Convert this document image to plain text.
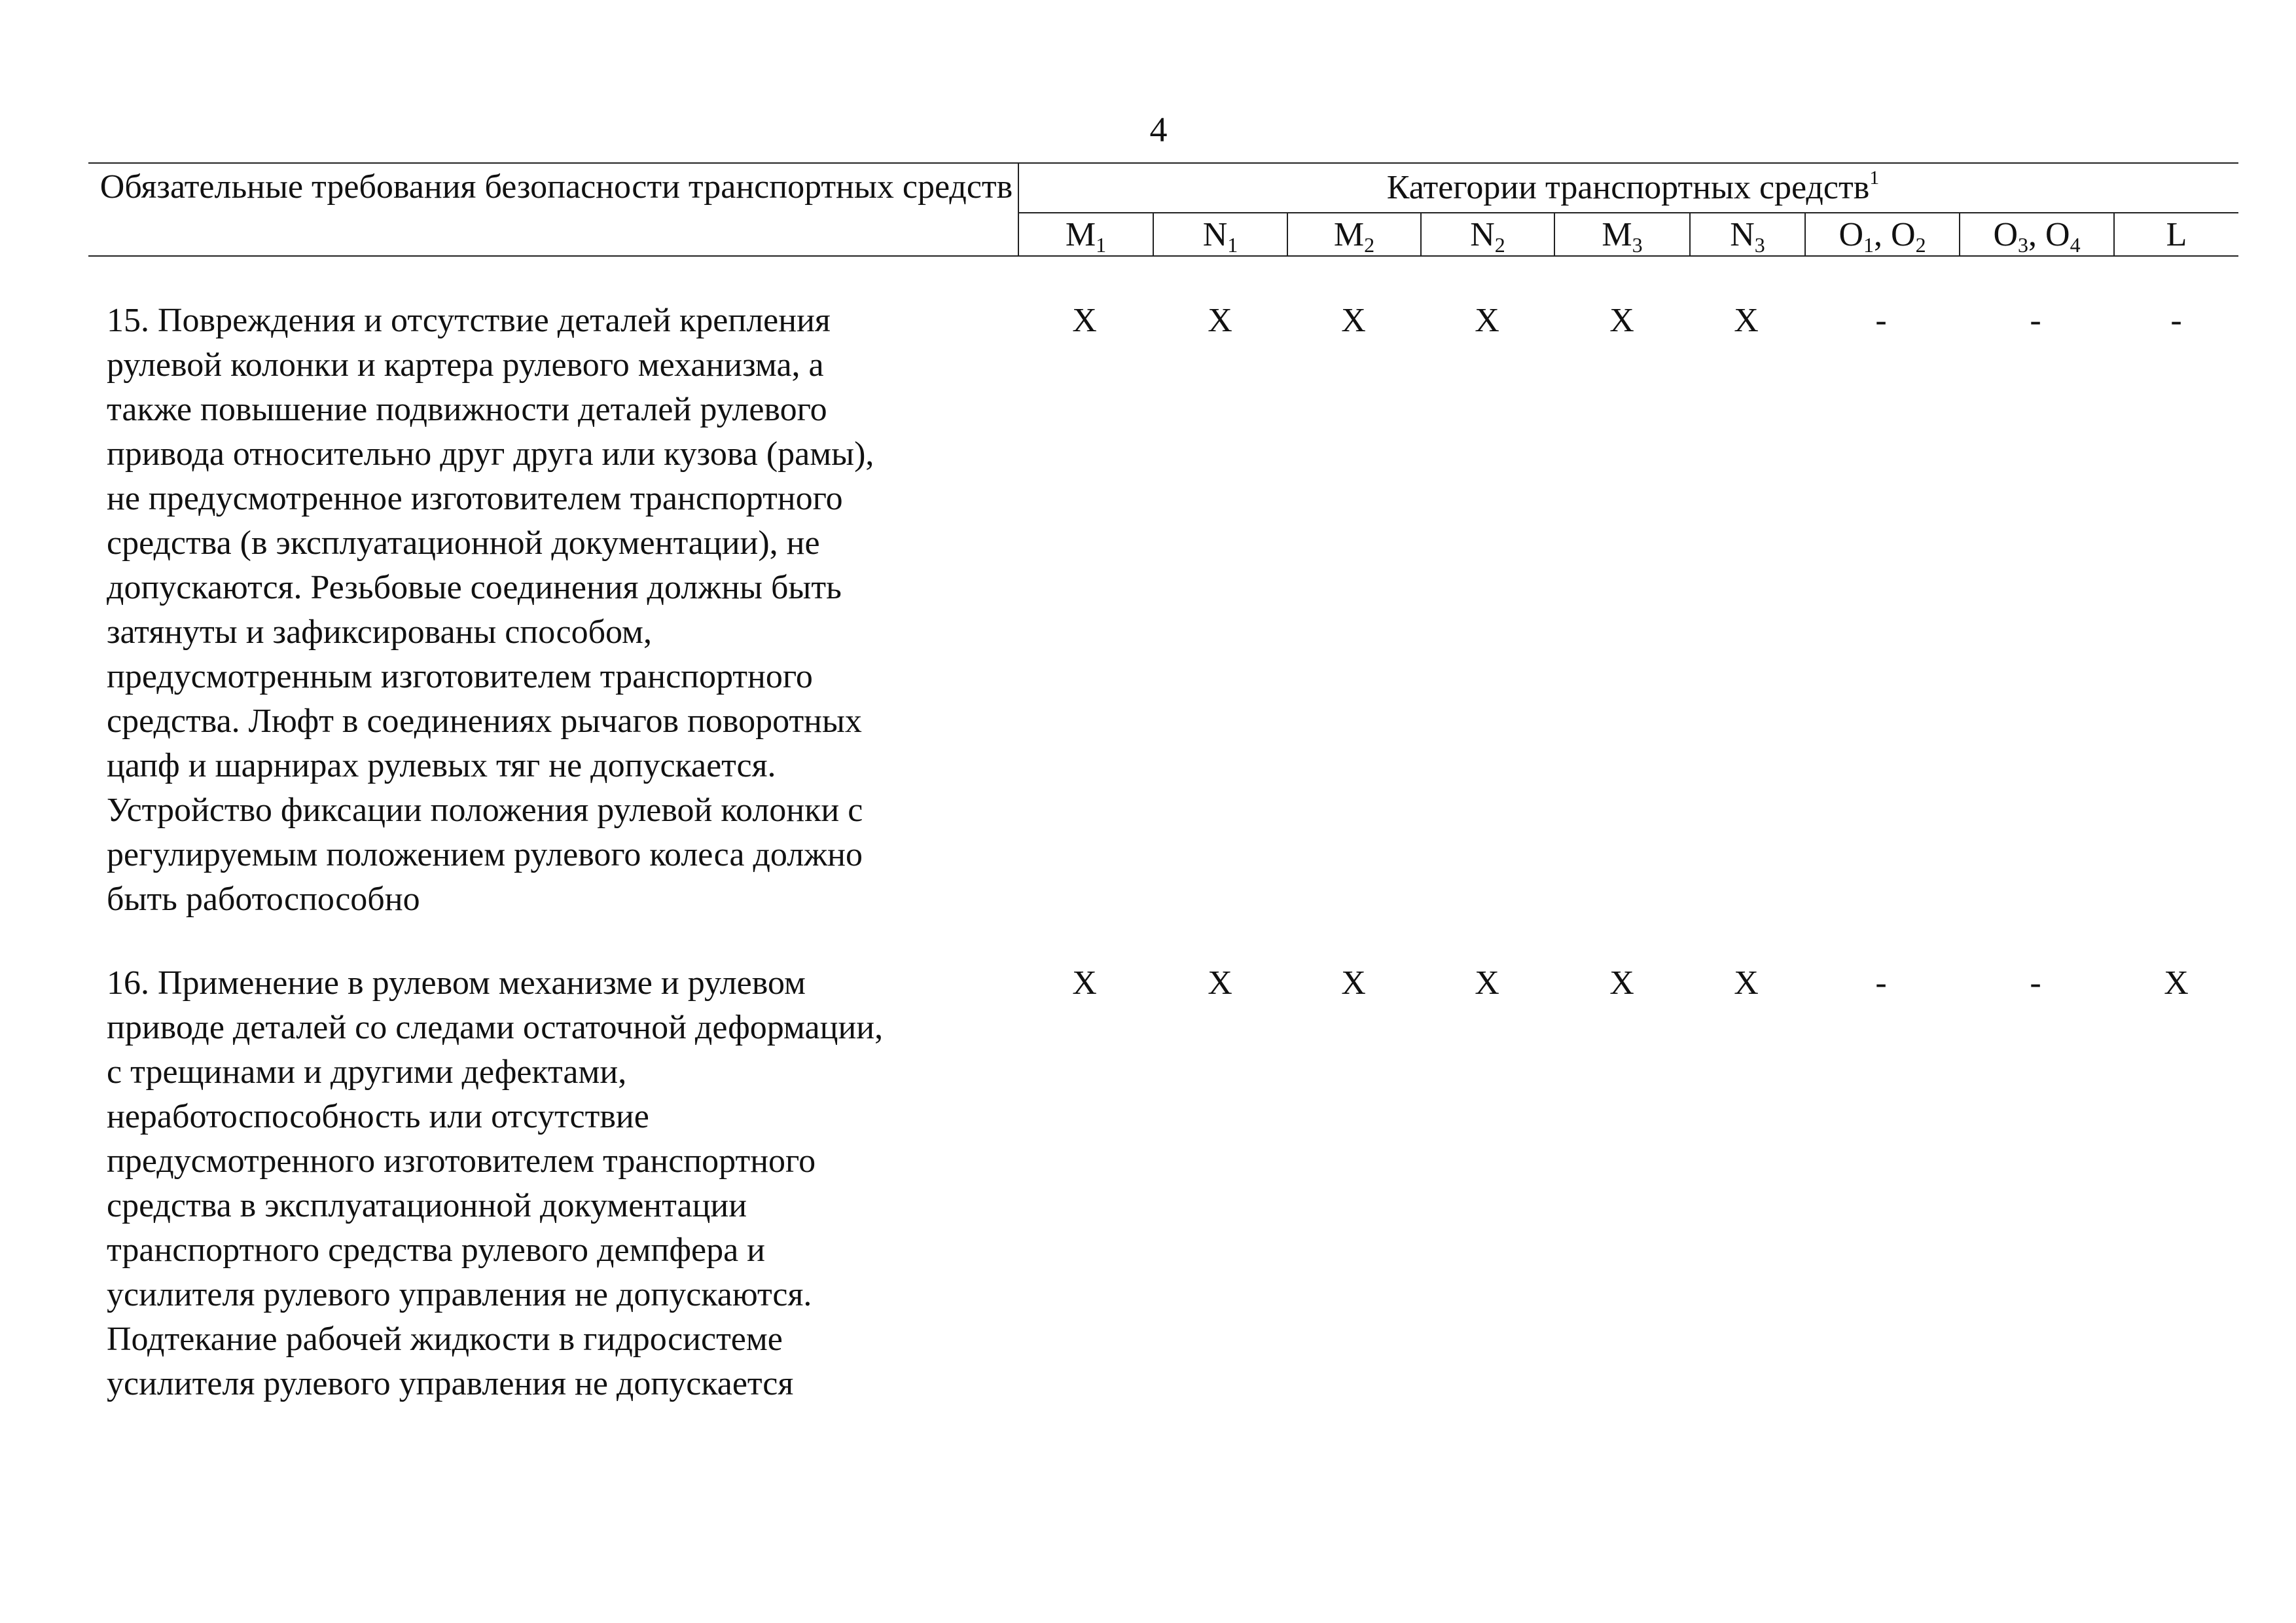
4
Обязательные требования безопасности транспортных средств	Категории транспортных средств$^1$
$M_1$	$N_1$	$M_2$	$N_2$	$M_3$	$N_3$	$O_1$, $O_2$	$O_3$, $O_4$	L
15. Повреждения и отсутствие деталей крепления
рулевой колонки и картера рулевого механизма, а
также повышение подвижности деталей рулевого
привода относительно друг друга или кузова (рамы),
не предусмотренное изготовителем транспортного
средства (в эксплуатационной документации), не
допускаются. Резьбовые соединения должны быть
затянуты и зафиксированы способом,
предусмотренным изготовителем транспортного
средства. Люфт в соединениях рычагов поворотных
цапф и шарнирах рулевых тяг не допускается.
Устройство фиксации положения рулевой колонки с
регулируемым положением рулевого колеса должно
быть работоспособно
X	X	X	X	X	X	-	-	-
16. Применение в рулевом механизме и рулевом
приводе деталей со следами остаточной деформации,
с трещинами и другими дефектами,
неработоспособность или отсутствие
предусмотренного изготовителем транспортного
средства в эксплуатационной документации
транспортного средства рулевого демпфера и
усилителя рулевого управления не допускаются.
Подтекание рабочей жидкости в гидросистеме
усилителя рулевого управления не допускается
X	X	X	X	X	X	-	-	X
